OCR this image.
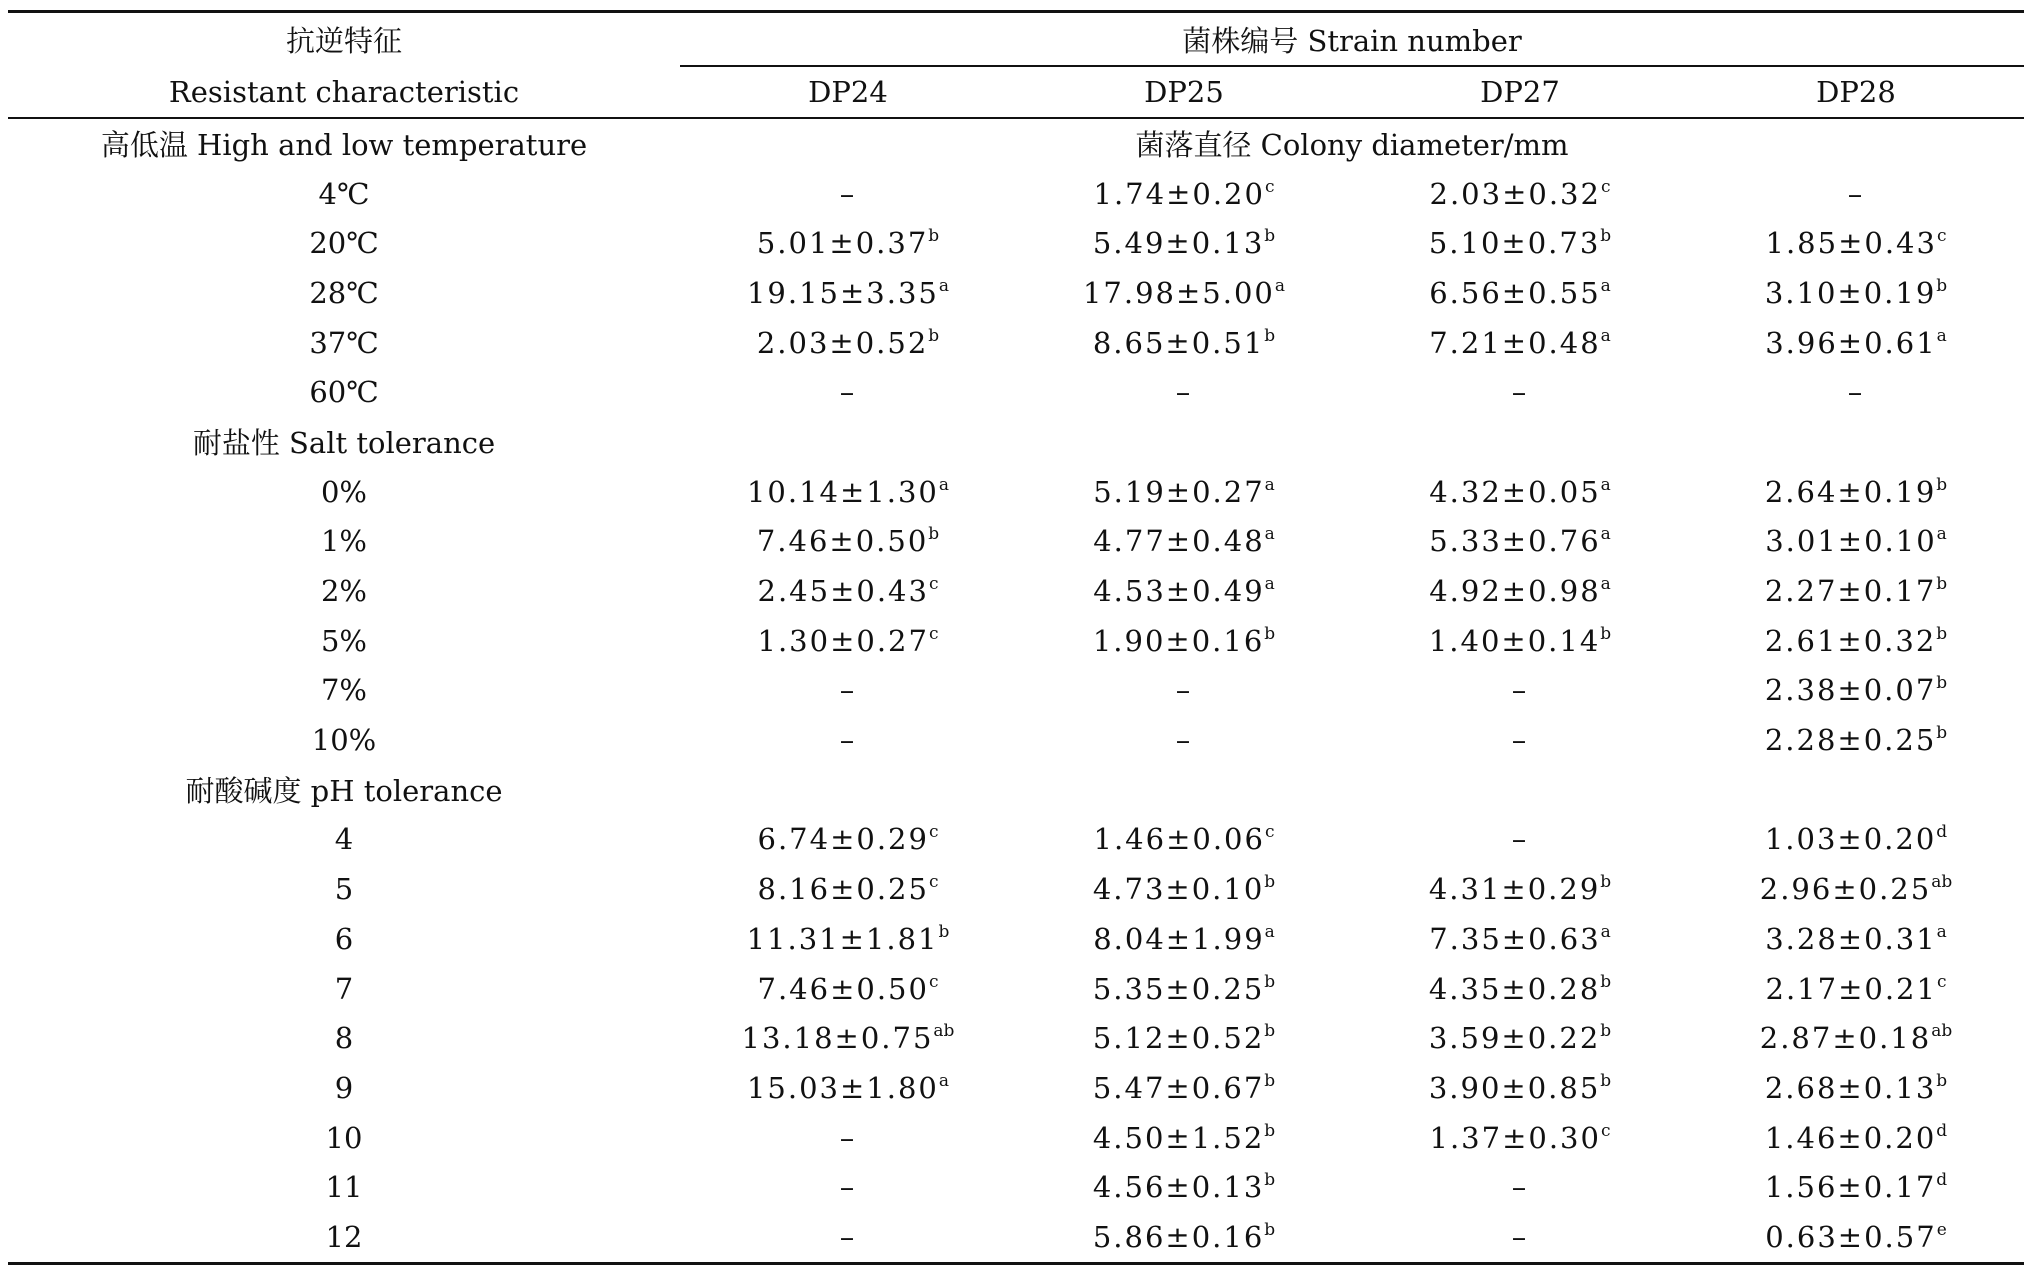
抗逆特征	菌株编号 Strain number			

Resistant characteristic	DP24	DP25	DP27	DP28

高低温 High and low temperature	菌落直径 Colony diameter/mm			
4℃	–	1.74±0.20$^c$	2.03±0.32$^c$	–
20℃	5.01±0.37$^b$	5.49±0.13$^b$	5.10±0.73$^b$	1.85±0.43$^c$
28℃	19.15±3.35$^a$	17.98±5.00$^a$	6.56±0.55$^a$	3.10±0.19$^b$
37℃	2.03±0.52$^b$	8.65±0.51$^b$	7.21±0.48$^a$	3.96±0.61$^a$
60℃	–	–	–	–
耐盐性 Salt tolerance				
0%	10.14±1.30$^a$	5.19±0.27$^a$	4.32±0.05$^a$	2.64±0.19$^b$
1%	7.46±0.50$^b$	4.77±0.48$^a$	5.33±0.76$^a$	3.01±0.10$^a$
2%	2.45±0.43$^c$	4.53±0.49$^a$	4.92±0.98$^a$	2.27±0.17$^b$
5%	1.30±0.27$^c$	1.90±0.16$^b$	1.40±0.14$^b$	2.61±0.32$^b$
7%	–	–	–	2.38±0.07$^b$
10%	–	–	–	2.28±0.25$^b$
耐酸碱度 pH tolerance				
4	6.74±0.29$^c$	1.46±0.06$^c$	–	1.03±0.20$^d$
5	8.16±0.25$^c$	4.73±0.10$^b$	4.31±0.29$^b$	2.96±0.25$^{ab}$
6	11.31±1.81$^b$	8.04±1.99$^a$	7.35±0.63$^a$	3.28±0.31$^a$
7	7.46±0.50$^c$	5.35±0.25$^b$	4.35±0.28$^b$	2.17±0.21$^c$
8	13.18±0.75$^{ab}$	5.12±0.52$^b$	3.59±0.22$^b$	2.87±0.18$^{ab}$
9	15.03±1.80$^a$	5.47±0.67$^b$	3.90±0.85$^b$	2.68±0.13$^b$
10	–	4.50±1.52$^b$	1.37±0.30$^c$	1.46±0.20$^d$
11	–	4.56±0.13$^b$	–	1.56±0.17$^d$
12	–	5.86±0.16$^b$	–	0.63±0.57$^e$
